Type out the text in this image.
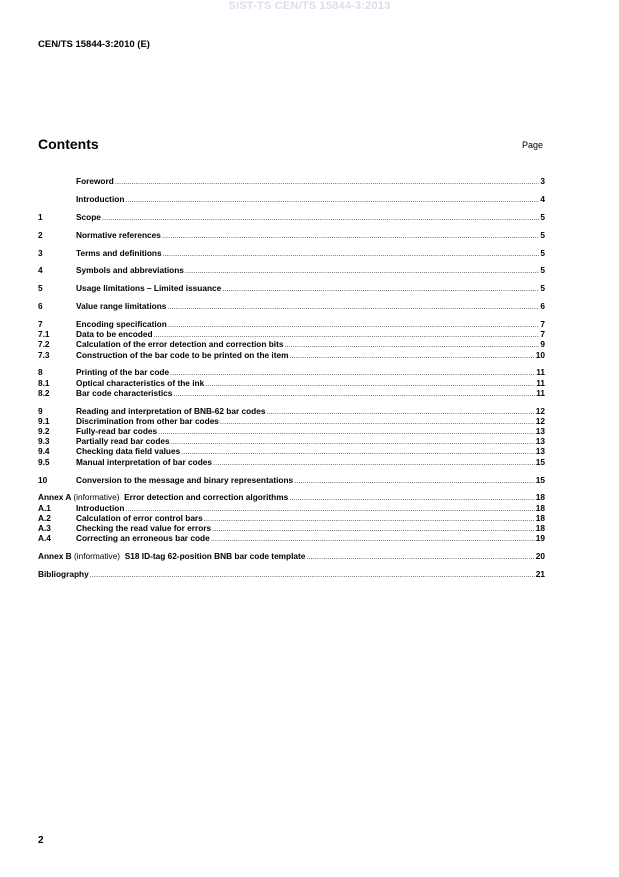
SIST-TS CEN/TS 15844-3:2013
CEN/TS 15844-3:2010 (E)
Contents	Page
Foreword .....	3
Introduction .....	4
1	Scope .....	5
2	Normative references .....	5
3	Terms and definitions .....	5
4	Symbols and abbreviations .....	5
5	Usage limitations – Limited issuance .....	5
6	Value range limitations .....	6
7	Encoding specification .....	7
7.1	Data to be encoded .....	7
7.2	Calculation of the error detection and correction bits .....	9
7.3	Construction of the bar code to be printed on the item .....	10
8	Printing of the bar code .....	11
8.1	Optical characteristics of the ink .....	11
8.2	Bar code characteristics .....	11
9	Reading and interpretation of BNB-62 bar codes .....	12
9.1	Discrimination from other bar codes .....	12
9.2	Fully-read bar codes .....	13
9.3	Partially read bar codes .....	13
9.4	Checking data field values .....	13
9.5	Manual interpretation of bar codes .....	15
10	Conversion to the message and binary representations .....	15
Annex A (informative) Error detection and correction algorithms .....	18
A.1	Introduction .....	18
A.2	Calculation of error control bars .....	18
A.3	Checking the read value for errors .....	18
A.4	Correcting an erroneous bar code .....	19
Annex B (informative) S18 ID-tag 62-position BNB bar code template .....	20
Bibliography .....	21
2
